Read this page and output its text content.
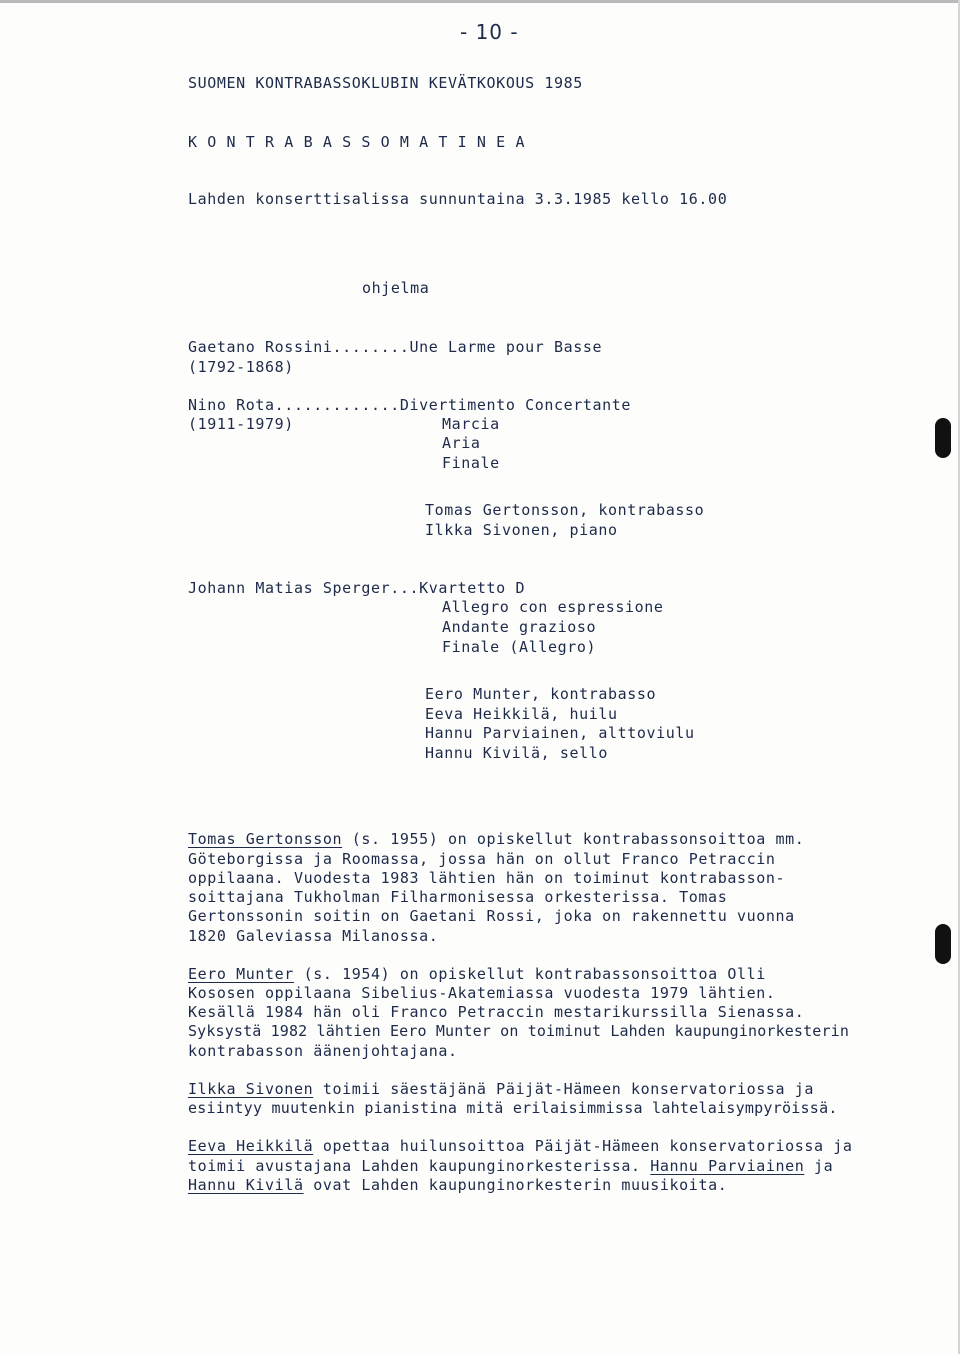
- 10 -
SUOMEN KONTRABASSOKLUBIN KEVÄTKOKOUS 1985
K O N T R A B A S S O M A T I N E A
Lahden konserttisalissa sunnuntaina 3.3.1985 kello 16.00
ohjelma
Gaetano Rossini........Une Larme pour Basse
(1792-1868)
Nino Rota.............Divertimento Concertante
(1911-1979)	Marcia
Aria
Finale
Tomas Gertonsson, kontrabasso
Ilkka Sivonen, piano
Johann Matias Sperger...Kvartetto D
Allegro con espressione
Andante grazioso
Finale (Allegro)
Eero Munter, kontrabasso
Eeva Heikkilä, huilu
Hannu Parviainen, alttoviulu
Hannu Kivilä, sello
Tomas Gertonsson (s. 1955) on opiskellut kontrabassonsoittoa mm.
Göteborgissa ja Roomassa, jossa hän on ollut Franco Petraccin
oppilaana. Vuodesta 1983 lähtien hän on toiminut kontrabasson-
soittajana Tukholman Filharmonisessa orkesterissa. Tomas
Gertonssonin soitin on Gaetani Rossi, joka on rakennettu vuonna
1820 Galeviassa Milanossa.
Eero Munter (s. 1954) on opiskellut kontrabassonsoittoa Olli
Kososen oppilaana Sibelius-Akatemiassa vuodesta 1979 lähtien.
Kesällä 1984 hän oli Franco Petraccin mestarikurssilla Sienassa.
Syksystä 1982 lähtien Eero Munter on toiminut Lahden kaupunginorkesterin
kontrabasson äänenjohtajana.
Ilkka Sivonen toimii säestäjänä Päijät-Hämeen konservatoriossa ja
esiintyy muutenkin pianistina mitä erilaisimmissa lahtelaisympyröissä.
Eeva Heikkilä opettaa huilunsoittoa Päijät-Hämeen konservatoriossa ja
toimii avustajana Lahden kaupunginorkesterissa. Hannu Parviainen ja
Hannu Kivilä ovat Lahden kaupunginorkesterin muusikoita.
